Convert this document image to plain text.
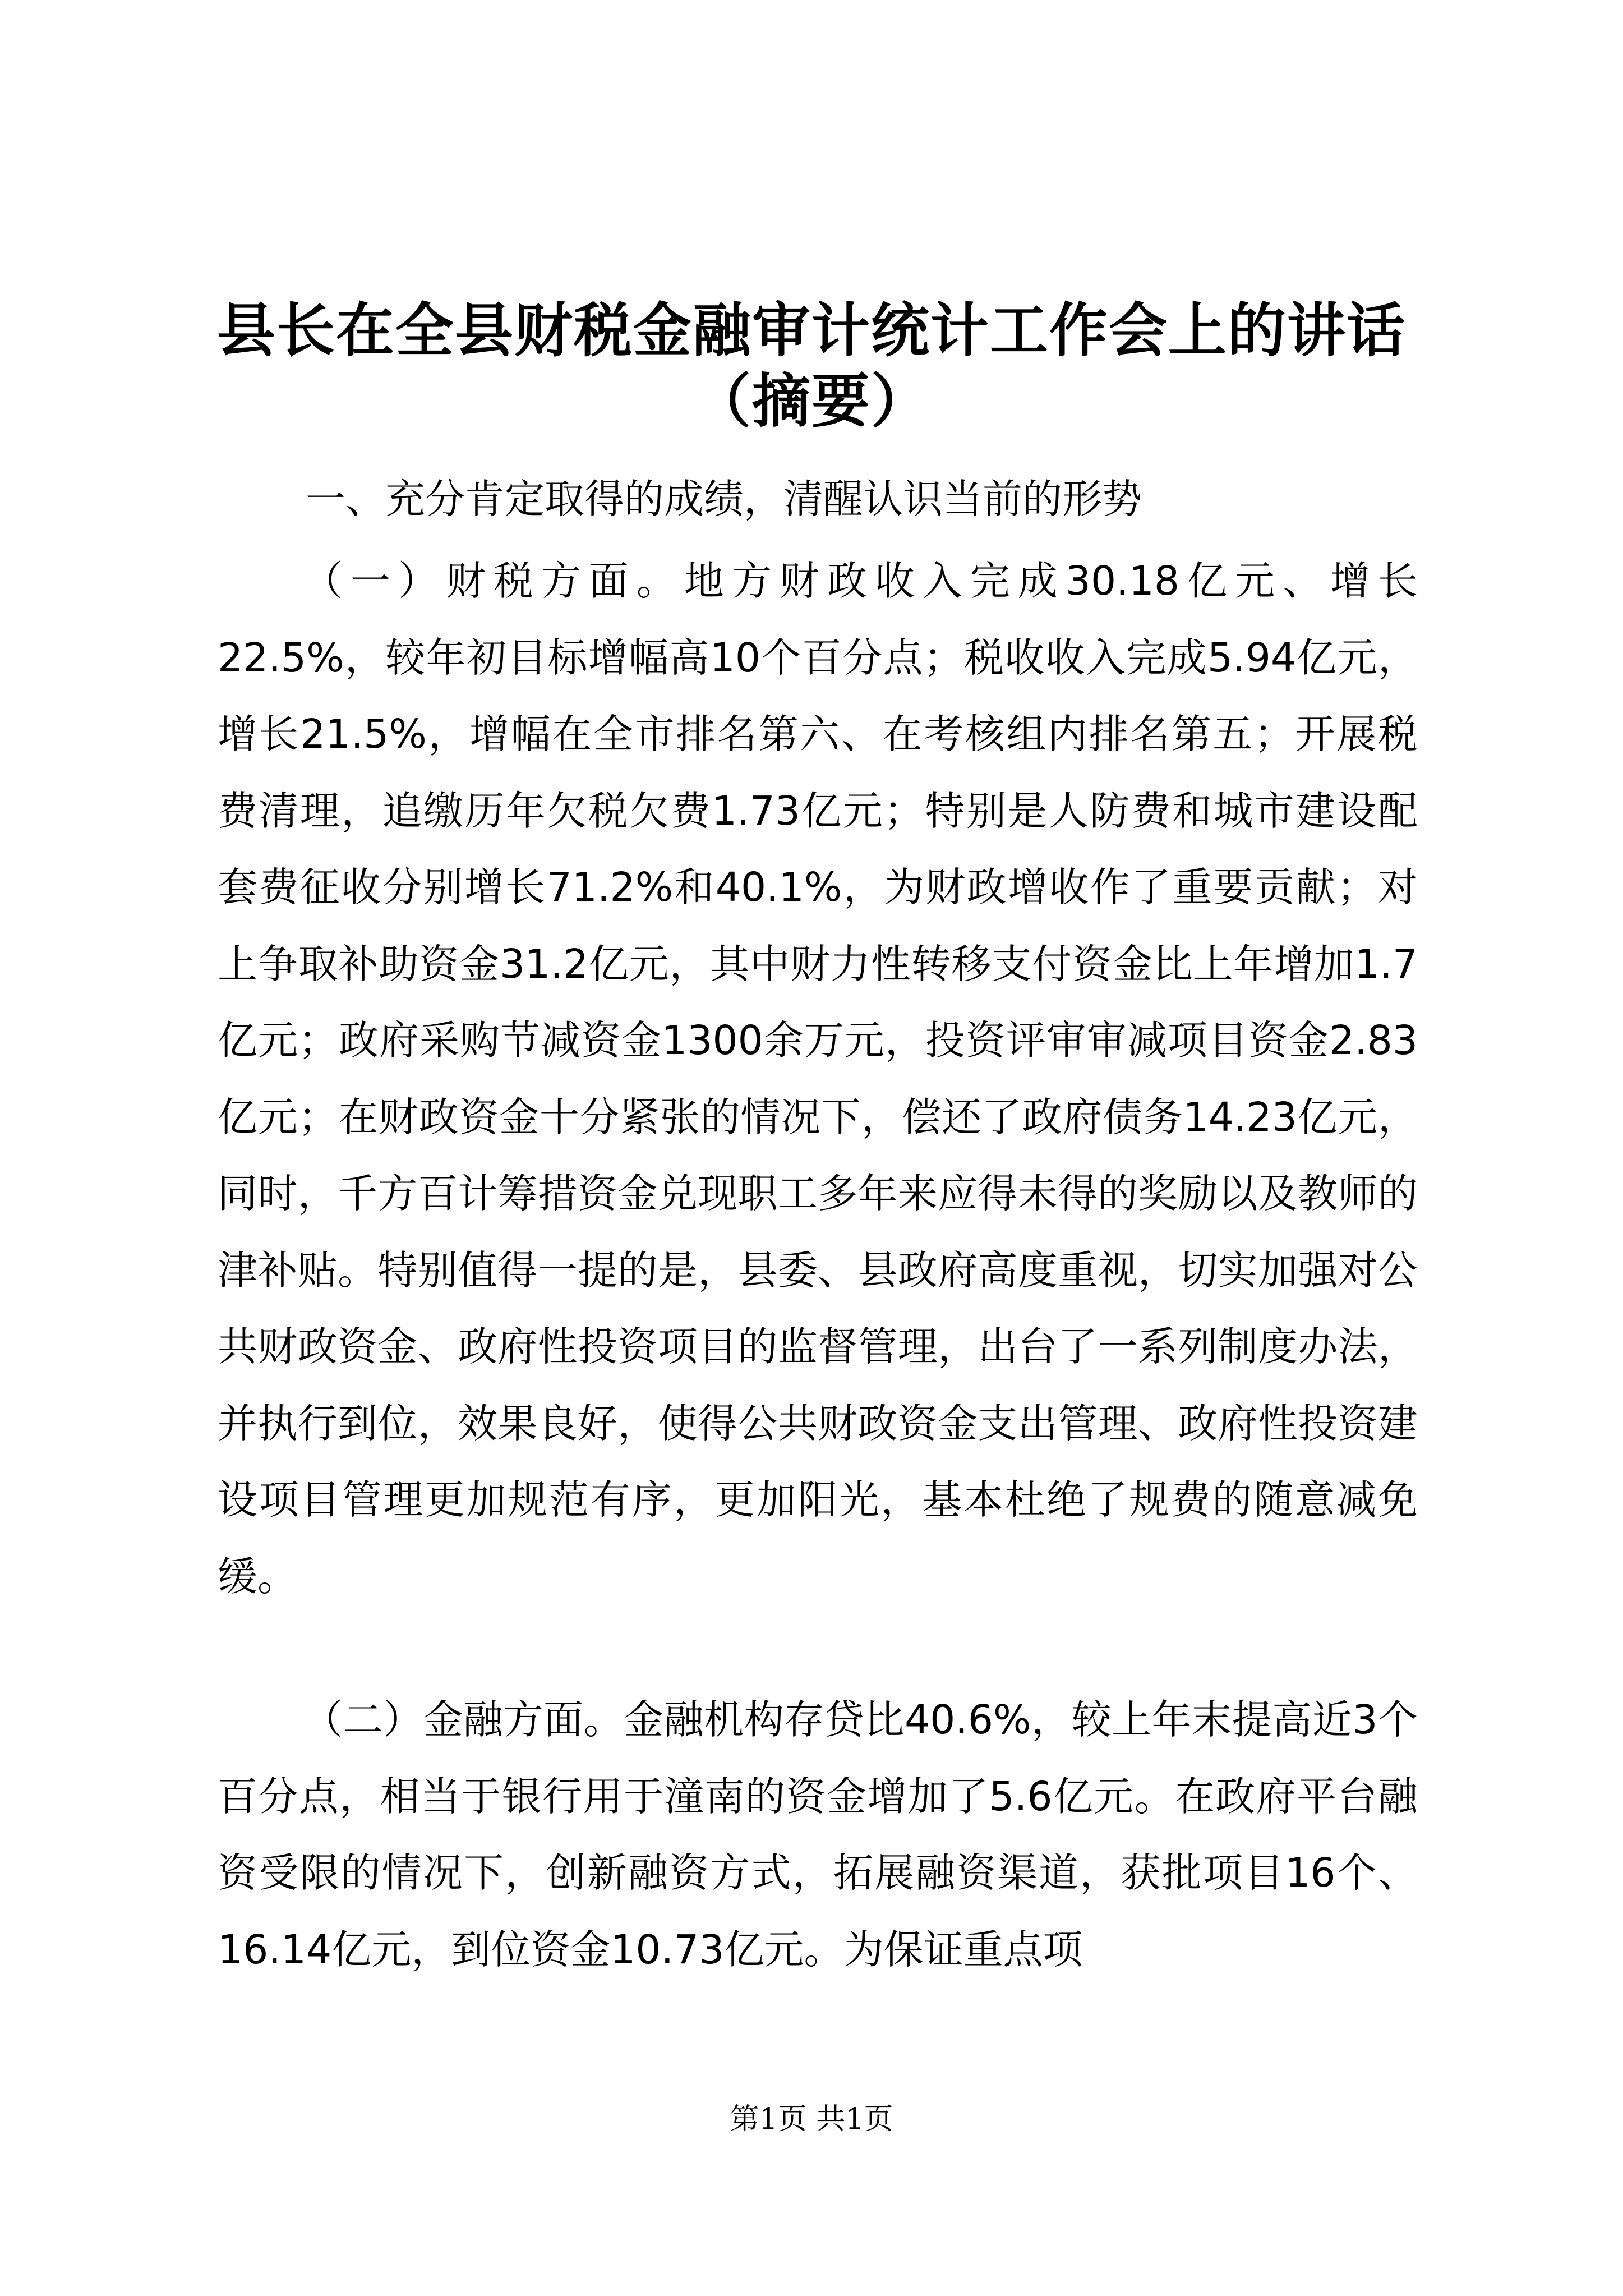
县长在全县财税金融审计统计工作会上的讲话
（摘要）

一、充分肯定取得的成绩，清醒认识当前的形势

（一）财税方面。地方财政收入完成30.18亿元、增长22.5%，较年初目标增幅高10个百分点；税收收入完成5.94亿元，增长21.5%，增幅在全市排名第六、在考核组内排名第五；开展税费清理，追缴历年欠税欠费1.73亿元；特别是人防费和城市建设配套费征收分别增长71.2%和40.1%，为财政增收作了重要贡献；对上争取补助资金31.2亿元，其中财力性转移支付资金比上年增加1.7亿元；政府采购节减资金1300余万元，投资评审审减项目资金2.83亿元；在财政资金十分紧张的情况下，偿还了政府债务14.23亿元，同时，千方百计筹措资金兑现职工多年来应得未得的奖励以及教师的津补贴。特别值得一提的是，县委、县政府高度重视，切实加强对公共财政资金、政府性投资项目的监督管理，出台了一系列制度办法，并执行到位，效果良好，使得公共财政资金支出管理、政府性投资建设项目管理更加规范有序，更加阳光，基本杜绝了规费的随意减免缓。

（二）金融方面。金融机构存贷比40.6%，较上年末提高近3个百分点，相当于银行用于潼南的资金增加了5.6亿元。在政府平台融资受限的情况下，创新融资方式，拓展融资渠道，获批项目16个、16.14亿元，到位资金10.73亿元。为保证重点项

第1页 共1页
